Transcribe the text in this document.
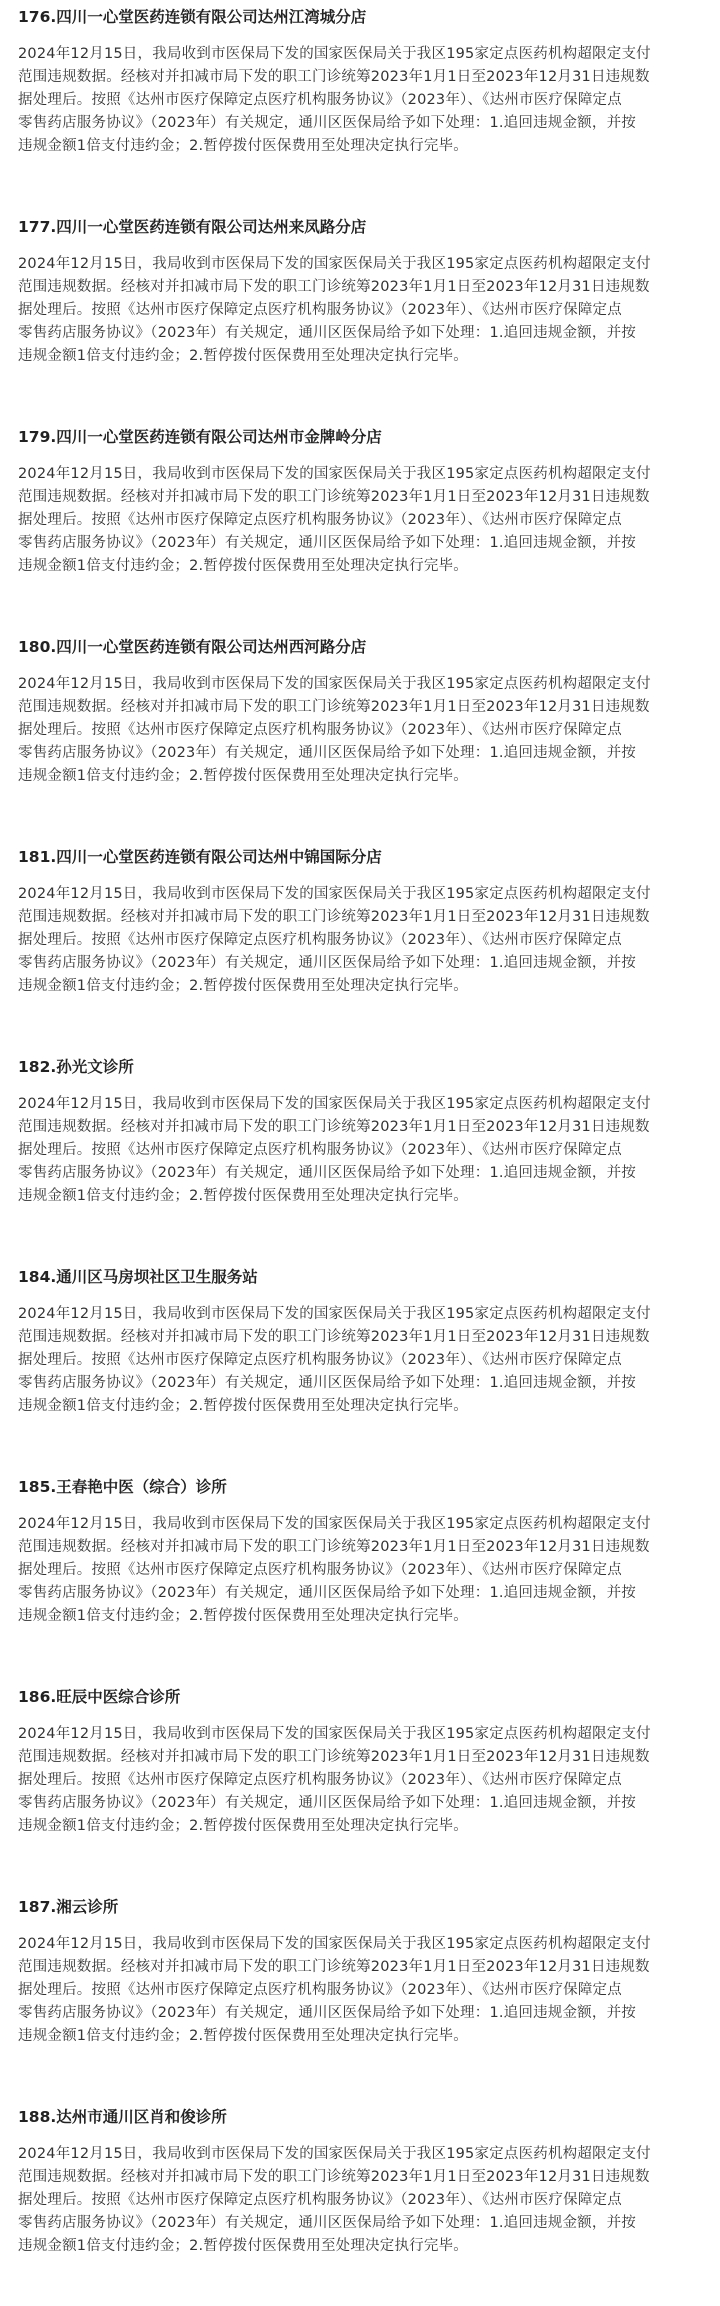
176.四川一心堂医药连锁有限公司达州江湾城分店
2024年12月15日，我局收到市医保局下发的国家医保局关于我区195家定点医药机构超限定支付
范围违规数据。经核对并扣减市局下发的职工门诊统筹2023年1月1日至2023年12月31日违规数
据处理后。按照《达州市医疗保障定点医疗机构服务协议》（2023年）、《达州市医疗保障定点
零售药店服务协议》（2023年）有关规定，通川区医保局给予如下处理：1.追回违规金额，并按
违规金额1倍支付违约金；2.暂停拨付医保费用至处理决定执行完毕。
177.四川一心堂医药连锁有限公司达州来凤路分店
2024年12月15日，我局收到市医保局下发的国家医保局关于我区195家定点医药机构超限定支付
范围违规数据。经核对并扣减市局下发的职工门诊统筹2023年1月1日至2023年12月31日违规数
据处理后。按照《达州市医疗保障定点医疗机构服务协议》（2023年）、《达州市医疗保障定点
零售药店服务协议》（2023年）有关规定，通川区医保局给予如下处理：1.追回违规金额，并按
违规金额1倍支付违约金；2.暂停拨付医保费用至处理决定执行完毕。
179.四川一心堂医药连锁有限公司达州市金牌岭分店
2024年12月15日，我局收到市医保局下发的国家医保局关于我区195家定点医药机构超限定支付
范围违规数据。经核对并扣减市局下发的职工门诊统筹2023年1月1日至2023年12月31日违规数
据处理后。按照《达州市医疗保障定点医疗机构服务协议》（2023年）、《达州市医疗保障定点
零售药店服务协议》（2023年）有关规定，通川区医保局给予如下处理：1.追回违规金额，并按
违规金额1倍支付违约金；2.暂停拨付医保费用至处理决定执行完毕。
180.四川一心堂医药连锁有限公司达州西河路分店
2024年12月15日，我局收到市医保局下发的国家医保局关于我区195家定点医药机构超限定支付
范围违规数据。经核对并扣减市局下发的职工门诊统筹2023年1月1日至2023年12月31日违规数
据处理后。按照《达州市医疗保障定点医疗机构服务协议》（2023年）、《达州市医疗保障定点
零售药店服务协议》（2023年）有关规定，通川区医保局给予如下处理：1.追回违规金额，并按
违规金额1倍支付违约金；2.暂停拨付医保费用至处理决定执行完毕。
181.四川一心堂医药连锁有限公司达州中锦国际分店
2024年12月15日，我局收到市医保局下发的国家医保局关于我区195家定点医药机构超限定支付
范围违规数据。经核对并扣减市局下发的职工门诊统筹2023年1月1日至2023年12月31日违规数
据处理后。按照《达州市医疗保障定点医疗机构服务协议》（2023年）、《达州市医疗保障定点
零售药店服务协议》（2023年）有关规定，通川区医保局给予如下处理：1.追回违规金额，并按
违规金额1倍支付违约金；2.暂停拨付医保费用至处理决定执行完毕。
182.孙光文诊所
2024年12月15日，我局收到市医保局下发的国家医保局关于我区195家定点医药机构超限定支付
范围违规数据。经核对并扣减市局下发的职工门诊统筹2023年1月1日至2023年12月31日违规数
据处理后。按照《达州市医疗保障定点医疗机构服务协议》（2023年）、《达州市医疗保障定点
零售药店服务协议》（2023年）有关规定，通川区医保局给予如下处理：1.追回违规金额，并按
违规金额1倍支付违约金；2.暂停拨付医保费用至处理决定执行完毕。
184.通川区马房坝社区卫生服务站
2024年12月15日，我局收到市医保局下发的国家医保局关于我区195家定点医药机构超限定支付
范围违规数据。经核对并扣减市局下发的职工门诊统筹2023年1月1日至2023年12月31日违规数
据处理后。按照《达州市医疗保障定点医疗机构服务协议》（2023年）、《达州市医疗保障定点
零售药店服务协议》（2023年）有关规定，通川区医保局给予如下处理：1.追回违规金额，并按
违规金额1倍支付违约金；2.暂停拨付医保费用至处理决定执行完毕。
185.王春艳中医（综合）诊所
2024年12月15日，我局收到市医保局下发的国家医保局关于我区195家定点医药机构超限定支付
范围违规数据。经核对并扣减市局下发的职工门诊统筹2023年1月1日至2023年12月31日违规数
据处理后。按照《达州市医疗保障定点医疗机构服务协议》（2023年）、《达州市医疗保障定点
零售药店服务协议》（2023年）有关规定，通川区医保局给予如下处理：1.追回违规金额，并按
违规金额1倍支付违约金；2.暂停拨付医保费用至处理决定执行完毕。
186.旺辰中医综合诊所
2024年12月15日，我局收到市医保局下发的国家医保局关于我区195家定点医药机构超限定支付
范围违规数据。经核对并扣减市局下发的职工门诊统筹2023年1月1日至2023年12月31日违规数
据处理后。按照《达州市医疗保障定点医疗机构服务协议》（2023年）、《达州市医疗保障定点
零售药店服务协议》（2023年）有关规定，通川区医保局给予如下处理：1.追回违规金额，并按
违规金额1倍支付违约金；2.暂停拨付医保费用至处理决定执行完毕。
187.湘云诊所
2024年12月15日，我局收到市医保局下发的国家医保局关于我区195家定点医药机构超限定支付
范围违规数据。经核对并扣减市局下发的职工门诊统筹2023年1月1日至2023年12月31日违规数
据处理后。按照《达州市医疗保障定点医疗机构服务协议》（2023年）、《达州市医疗保障定点
零售药店服务协议》（2023年）有关规定，通川区医保局给予如下处理：1.追回违规金额，并按
违规金额1倍支付违约金；2.暂停拨付医保费用至处理决定执行完毕。
188.达州市通川区肖和俊诊所
2024年12月15日，我局收到市医保局下发的国家医保局关于我区195家定点医药机构超限定支付
范围违规数据。经核对并扣减市局下发的职工门诊统筹2023年1月1日至2023年12月31日违规数
据处理后。按照《达州市医疗保障定点医疗机构服务协议》（2023年）、《达州市医疗保障定点
零售药店服务协议》（2023年）有关规定，通川区医保局给予如下处理：1.追回违规金额，并按
违规金额1倍支付违约金；2.暂停拨付医保费用至处理决定执行完毕。
